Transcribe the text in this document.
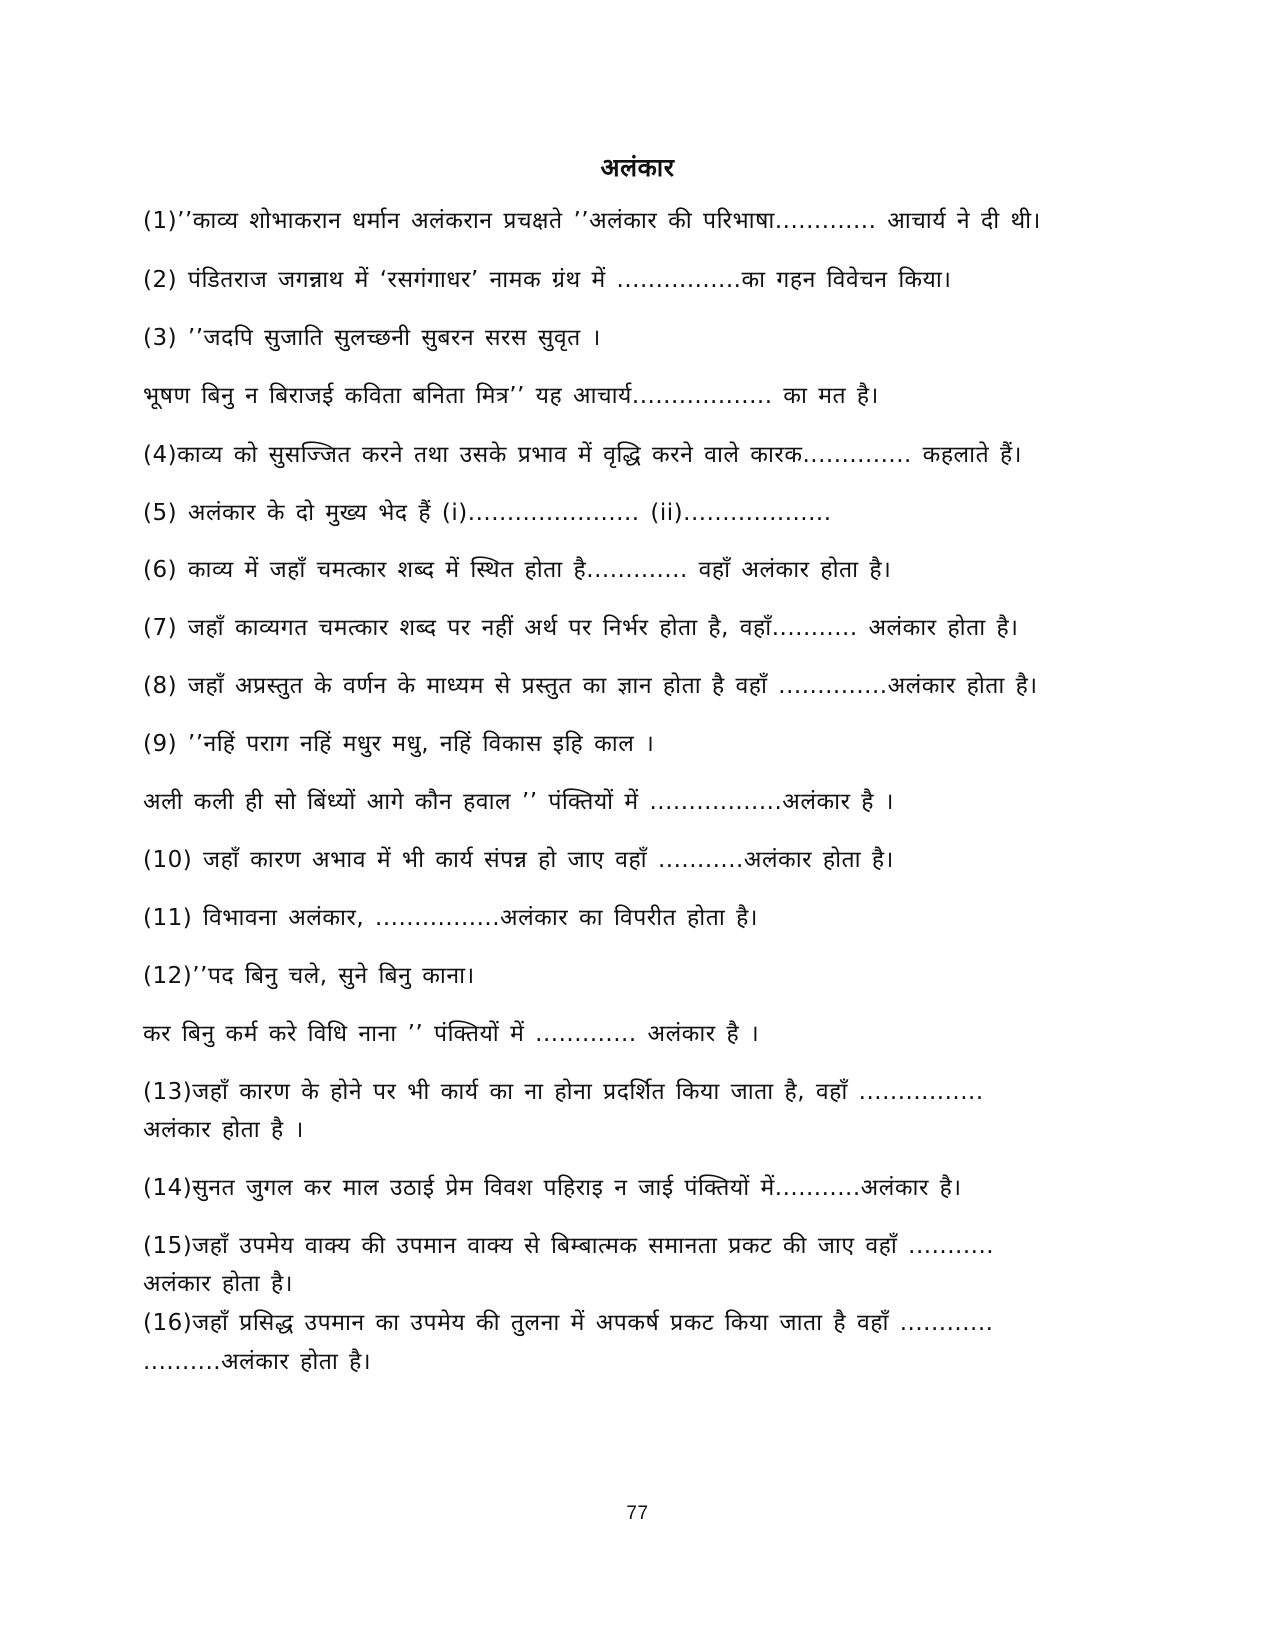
अलंकार
(1)’’काव्य शोभाकरान धर्मान अलंकरान प्रचक्षते ’’अलंकार की परिभाषा............. आचार्य ने दी थी।
(2) पंडितराज जगन्नाथ में ‘रसगंगाधर’ नामक ग्रंथ में ................का गहन विवेचन किया।
(3) ’’जदपि सुजाति सुलच्छनी सुबरन सरस सुवृत ।
भूषण बिनु न बिराजई कविता बनिता मित्र’’ यह आचार्य.................. का मत है।
(4)काव्य को सुसज्जित करने तथा उसके प्रभाव में वृद्धि करने वाले कारक.............. कहलाते हैं।
(5) अलंकार के दो मुख्य भेद हैं (i)...................... (ii)...................
(6) काव्य में जहाँ चमत्कार शब्द में स्थित होता है............. वहाँ अलंकार होता है।
(7) जहाँ काव्यगत चमत्कार शब्द पर नहीं अर्थ पर निर्भर होता है, वहाँ........... अलंकार होता है।
(8) जहाँ अप्रस्तुत के वर्णन के माध्यम से प्रस्तुत का ज्ञान होता है वहाँ ..............अलंकार होता है।
(9) ’’नहिं पराग नहिं मधुर मधु, नहिं विकास इहि काल ।
अली कली ही सो बिंध्यों आगे कौन हवाल ’’ पंक्तियों में .................अलंकार है ।
(10) जहाँ कारण अभाव में भी कार्य संपन्न हो जाए वहाँ ...........अलंकार होता है।
(11) विभावना अलंकार, ................अलंकार का विपरीत होता है।
(12)’’पद बिनु चले, सुने बिनु काना।
कर बिनु कर्म करे विधि नाना ’’ पंक्तियों में ............. अलंकार है ।
(13)जहाँ कारण के होने पर भी कार्य का ना होना प्रदर्शित किया जाता है, वहाँ ................
अलंकार होता है ।
(14)सुनत जुगल कर माल उठाई प्रेम विवश पहिराइ न जाई पंक्तियों में...........अलंकार है।
(15)जहाँ उपमेय वाक्य की उपमान वाक्य से बिम्बात्मक समानता प्रकट की जाए वहाँ ...........
अलंकार होता है।
(16)जहाँ प्रसिद्ध उपमान का उपमेय की तुलना में अपकर्ष प्रकट किया जाता है वहाँ ............
..........अलंकार होता है।
77
